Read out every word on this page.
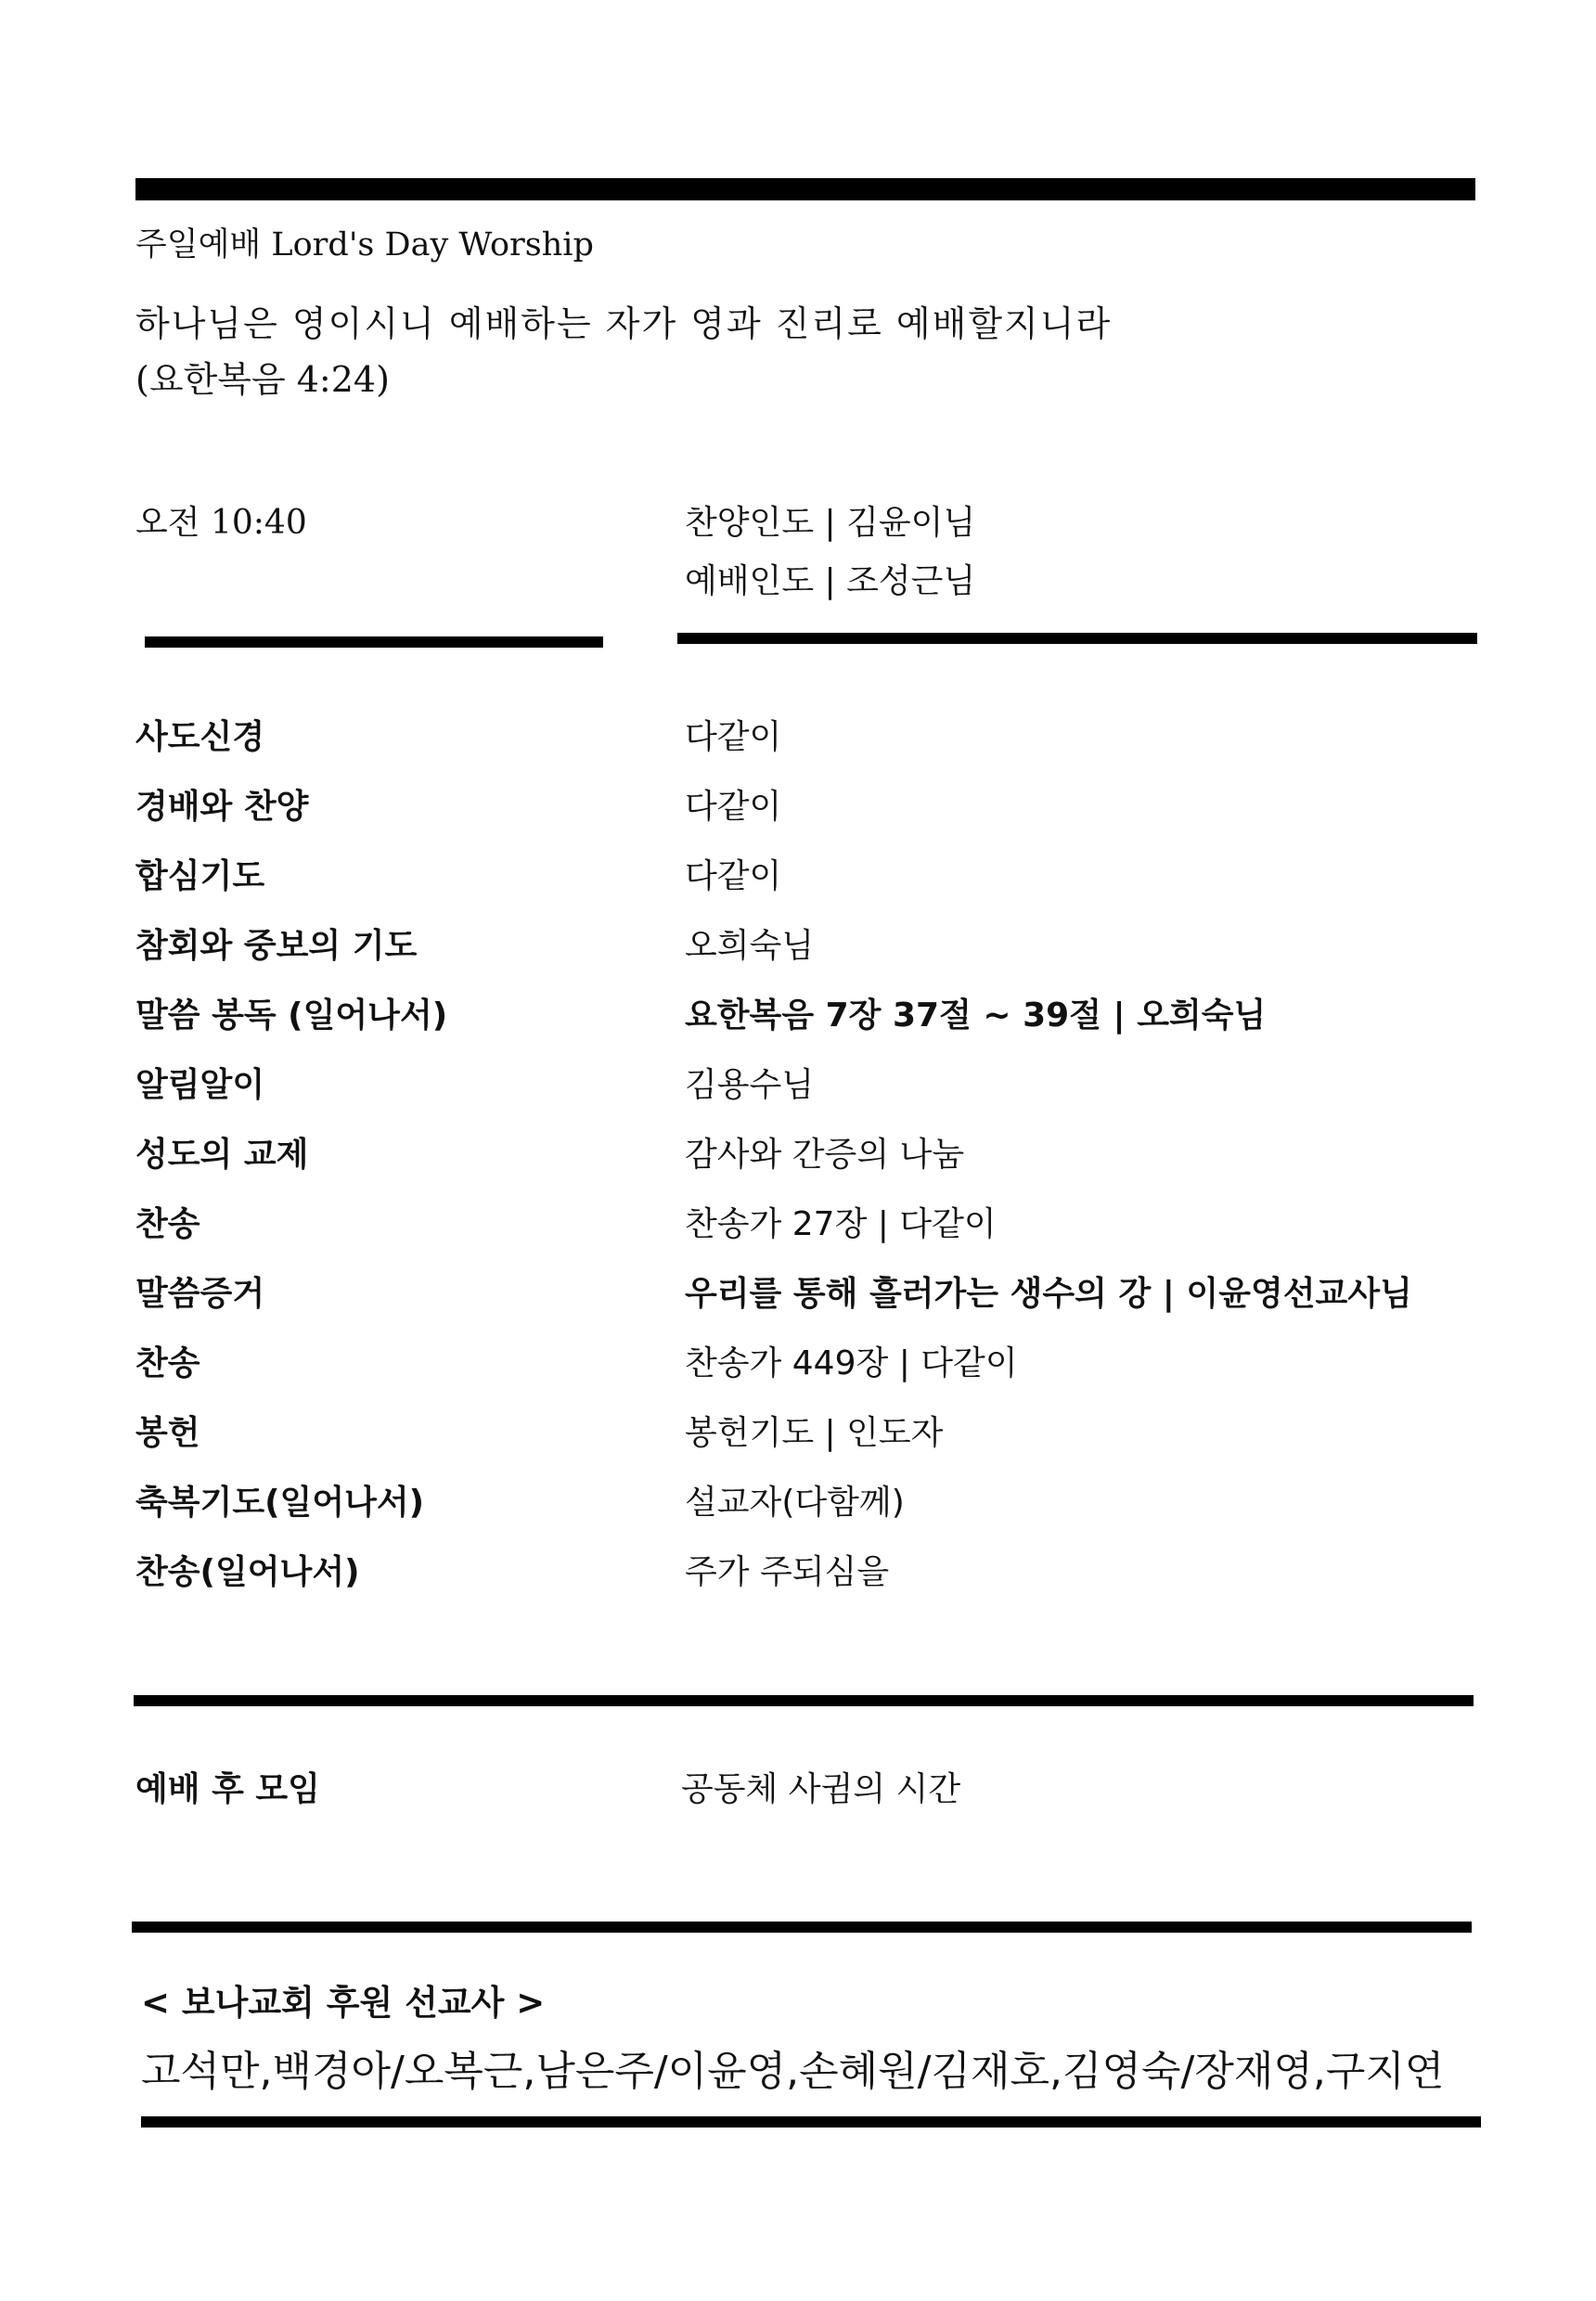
주일예배 Lord's Day Worship
하나님은 영이시니 예배하는 자가 영과 진리로 예배할지니라
(요한복음 4:24)
오전 10:40	찬양인도 | 김윤이님
예배인도 | 조성근님
사도신경	다같이
경배와 찬양	다같이
합심기도	다같이
참회와 중보의 기도	오희숙님
말씀 봉독 (일어나서)	요한복음 7장 37절 ~ 39절 | 오희숙님
알림알이	김용수님
성도의 교제	감사와 간증의 나눔
찬송	찬송가 27장 | 다같이
말씀증거	우리를 통해 흘러가는 생수의 강 | 이윤영선교사님
찬송	찬송가 449장 | 다같이
봉헌	봉헌기도 | 인도자
축복기도(일어나서)	설교자(다함께)
찬송(일어나서)	주가 주되심을
예배 후 모임	공동체 사귐의 시간
< 보나교회 후원 선교사 >
고석만,백경아/오복근,남은주/이윤영,손혜원/김재호,김영숙/장재영,구지연
